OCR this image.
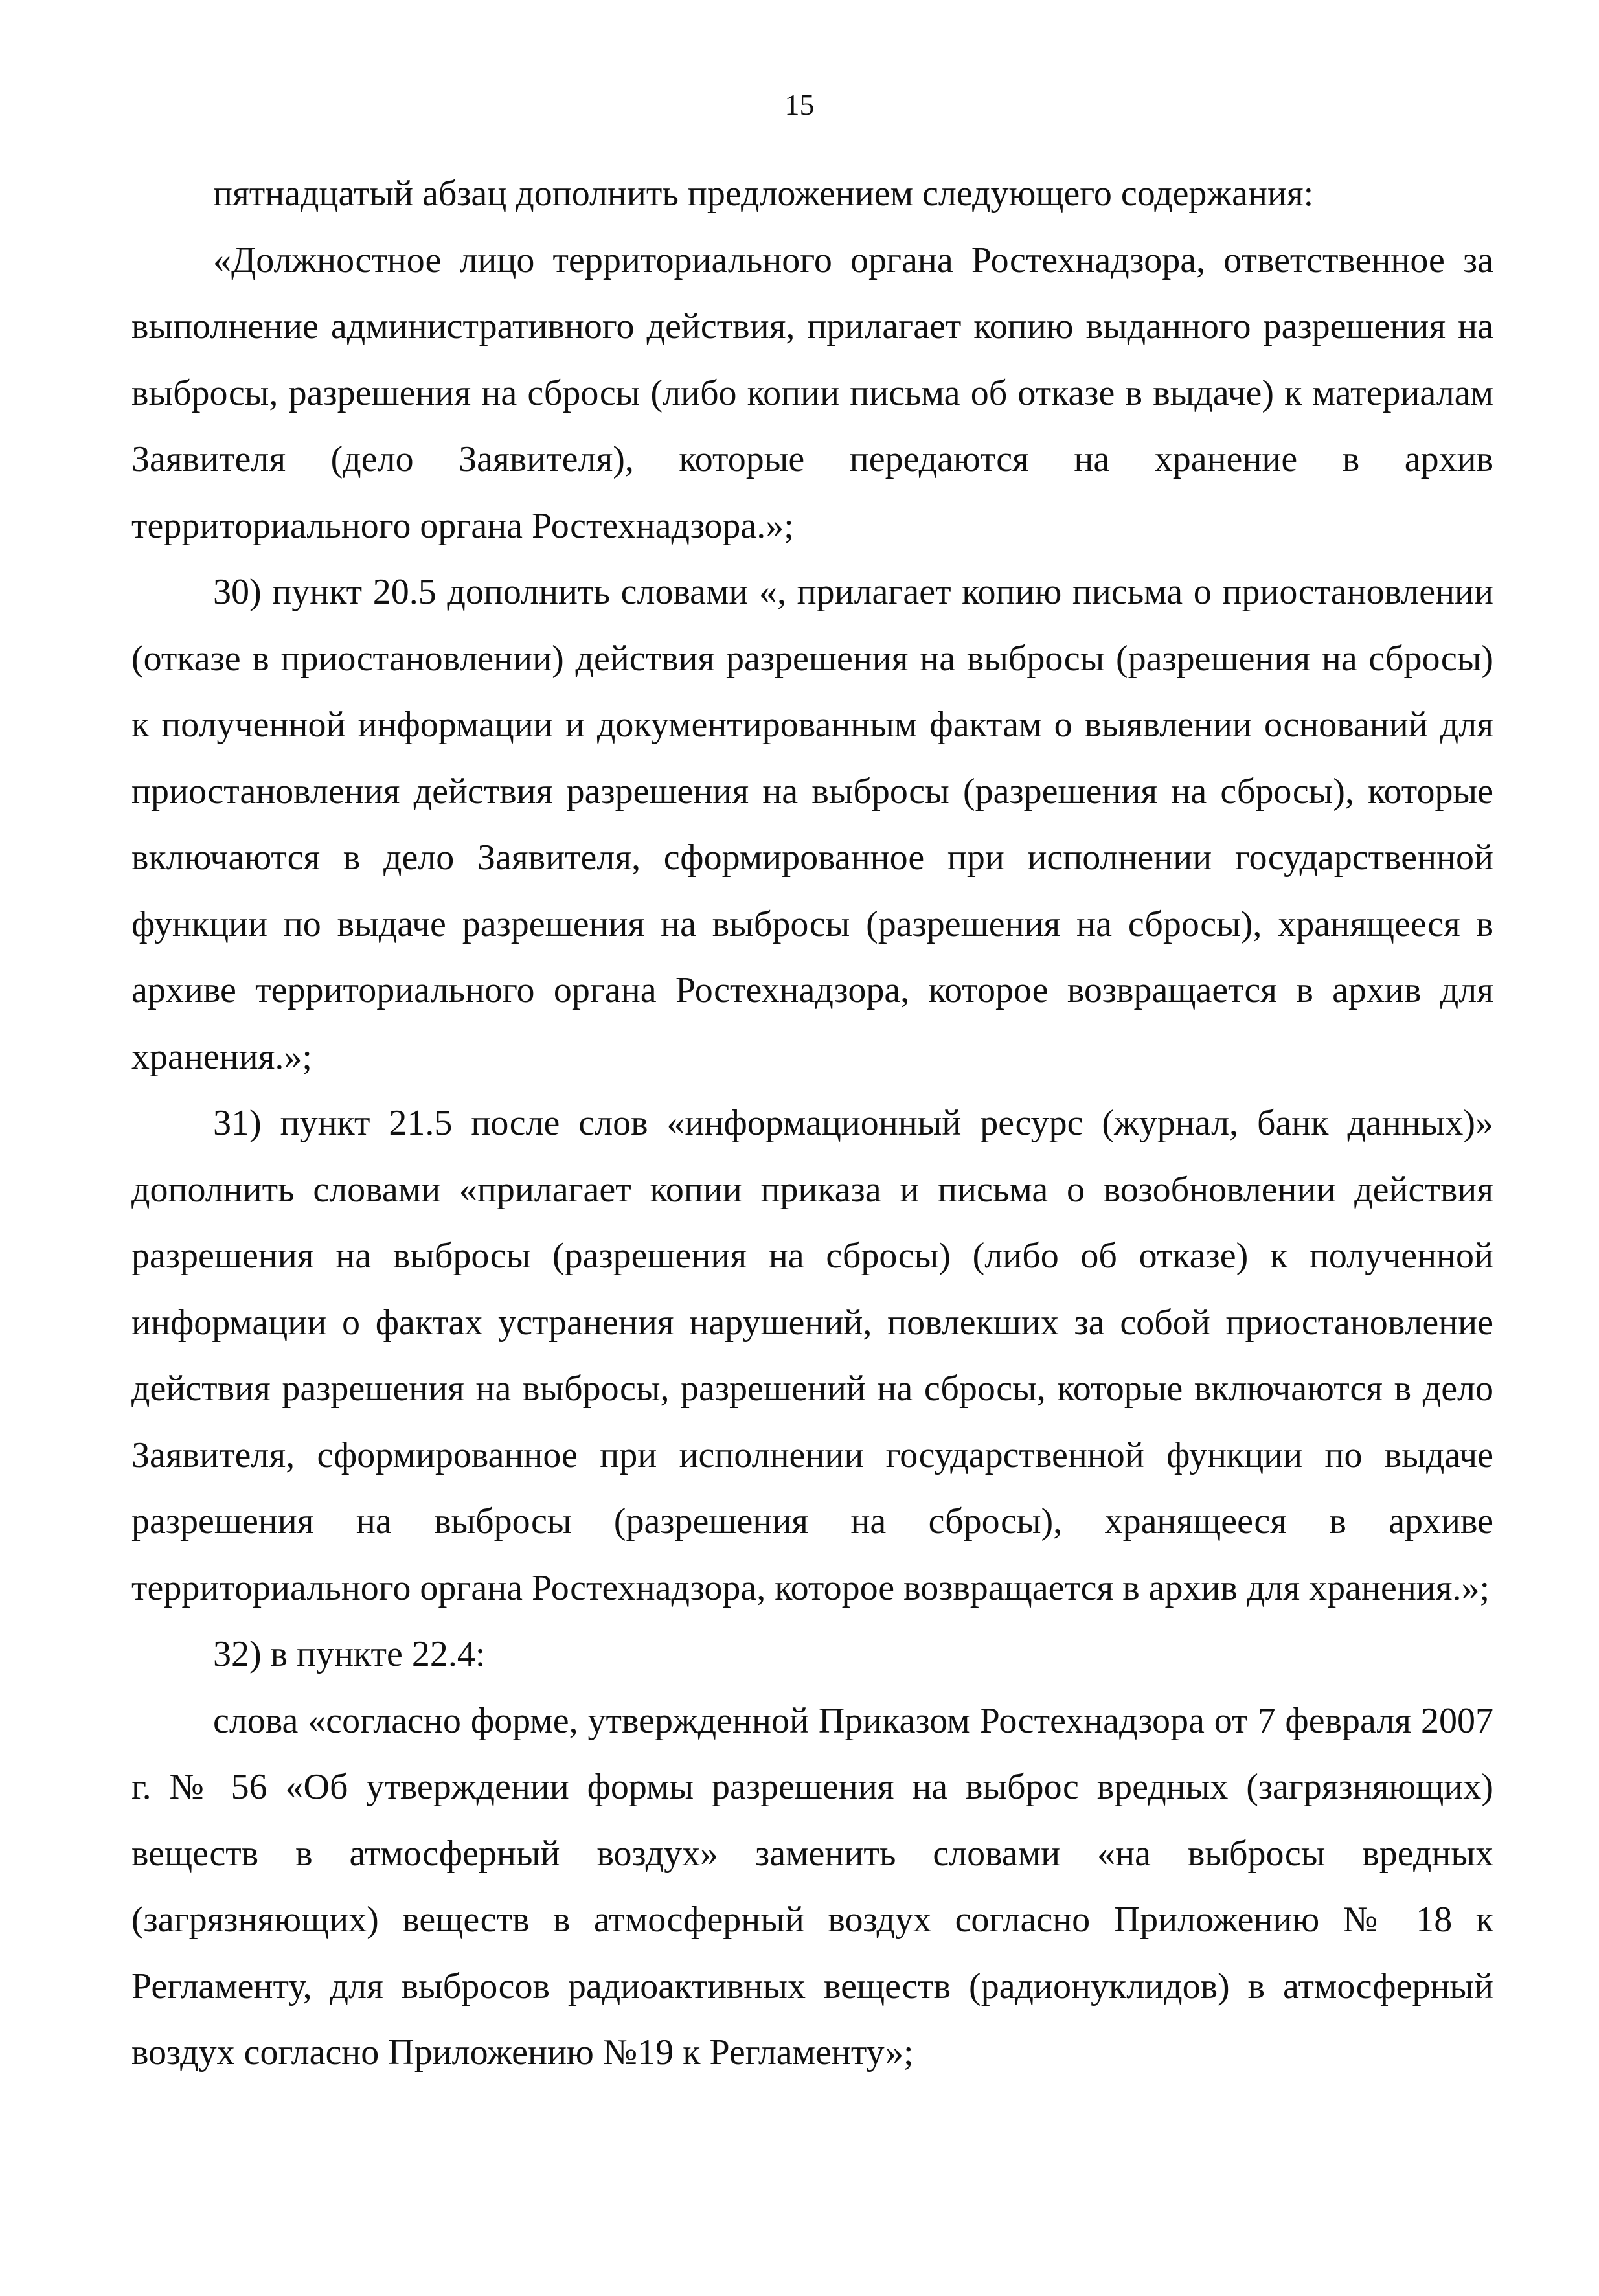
15

пятнадцатый абзац дополнить предложением следующего содержания:

«Должностное лицо территориального органа Ростехнадзора, ответственное за выполнение административного действия, прилагает копию выданного разрешения на выбросы, разрешения на сбросы (либо копии письма об отказе в выдаче) к материалам Заявителя (дело Заявителя), которые передаются на хранение в архив территориального органа Ростехнадзора.»;

30) пункт 20.5 дополнить словами «, прилагает копию письма о приостановлении (отказе в приостановлении) действия разрешения на выбросы (разрешения на сбросы) к полученной информации и документированным фактам о выявлении оснований для приостановления действия разрешения на выбросы (разрешения на сбросы), которые включаются в дело Заявителя, сформированное при исполнении государственной функции по выдаче разрешения на выбросы (разрешения на сбросы), хранящееся в архиве территориального органа Ростехнадзора, которое возвращается в архив для хранения.»;

31) пункт 21.5 после слов «информационный ресурс (журнал, банк данных)» дополнить словами «прилагает копии приказа и письма о возобновлении действия разрешения на выбросы (разрешения на сбросы) (либо об отказе) к полученной информации о фактах устранения нарушений, повлекших за собой приостановление действия разрешения на выбросы, разрешений на сбросы, которые включаются в дело Заявителя, сформированное при исполнении государственной функции по выдаче разрешения на выбросы (разрешения на сбросы), хранящееся в архиве территориального органа Ростехнадзора, которое возвращается в архив для хранения.»;

32) в пункте 22.4:

слова «согласно форме, утвержденной Приказом Ростехнадзора от 7 февраля 2007 г. № 56 «Об утверждении формы разрешения на выброс вредных (загрязняющих) веществ в атмосферный воздух» заменить словами «на выбросы вредных (загрязняющих) веществ в атмосферный воздух согласно Приложению № 18 к Регламенту, для выбросов радиоактивных веществ (радионуклидов) в атмосферный воздух согласно Приложению №19 к Регламенту»;
